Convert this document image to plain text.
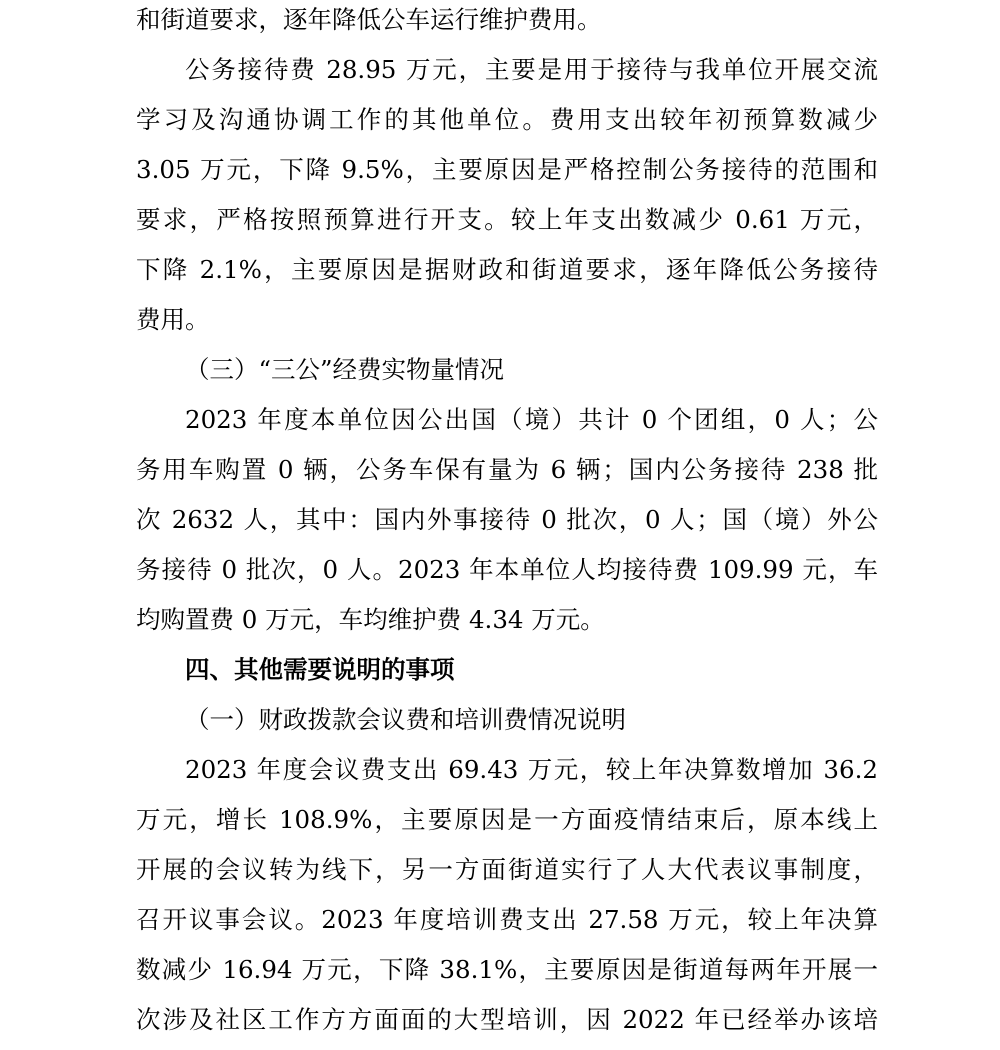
和街道要求，逐年降低公车运行维护费用。
公务接待费 28.95 万元，主要是用于接待与我单位开展交流
学习及沟通协调工作的其他单位。费用支出较年初预算数减少
3.05 万元，下降 9.5%，主要原因是严格控制公务接待的范围和
要求，严格按照预算进行开支。较上年支出数减少 0.61 万元，
下降 2.1%，主要原因是据财政和街道要求，逐年降低公务接待
费用。
（三）“三公”经费实物量情况
2023 年度本单位因公出国（境）共计 0 个团组，0 人；公
务用车购置 0 辆，公务车保有量为 6 辆；国内公务接待 238 批
次 2632 人，其中：国内外事接待 0 批次，0 人；国（境）外公
务接待 0 批次，0 人。2023 年本单位人均接待费 109.99 元，车
均购置费 0 万元，车均维护费 4.34 万元。
四、其他需要说明的事项
（一）财政拨款会议费和培训费情况说明
2023 年度会议费支出 69.43 万元，较上年决算数增加 36.2
万元，增长 108.9%，主要原因是一方面疫情结束后，原本线上
开展的会议转为线下，另一方面街道实行了人大代表议事制度，
召开议事会议。2023 年度培训费支出 27.58 万元，较上年决算
数减少 16.94 万元，下降 38.1%，主要原因是街道每两年开展一
次涉及社区工作方方面面的大型培训，因 2022 年已经举办该培
